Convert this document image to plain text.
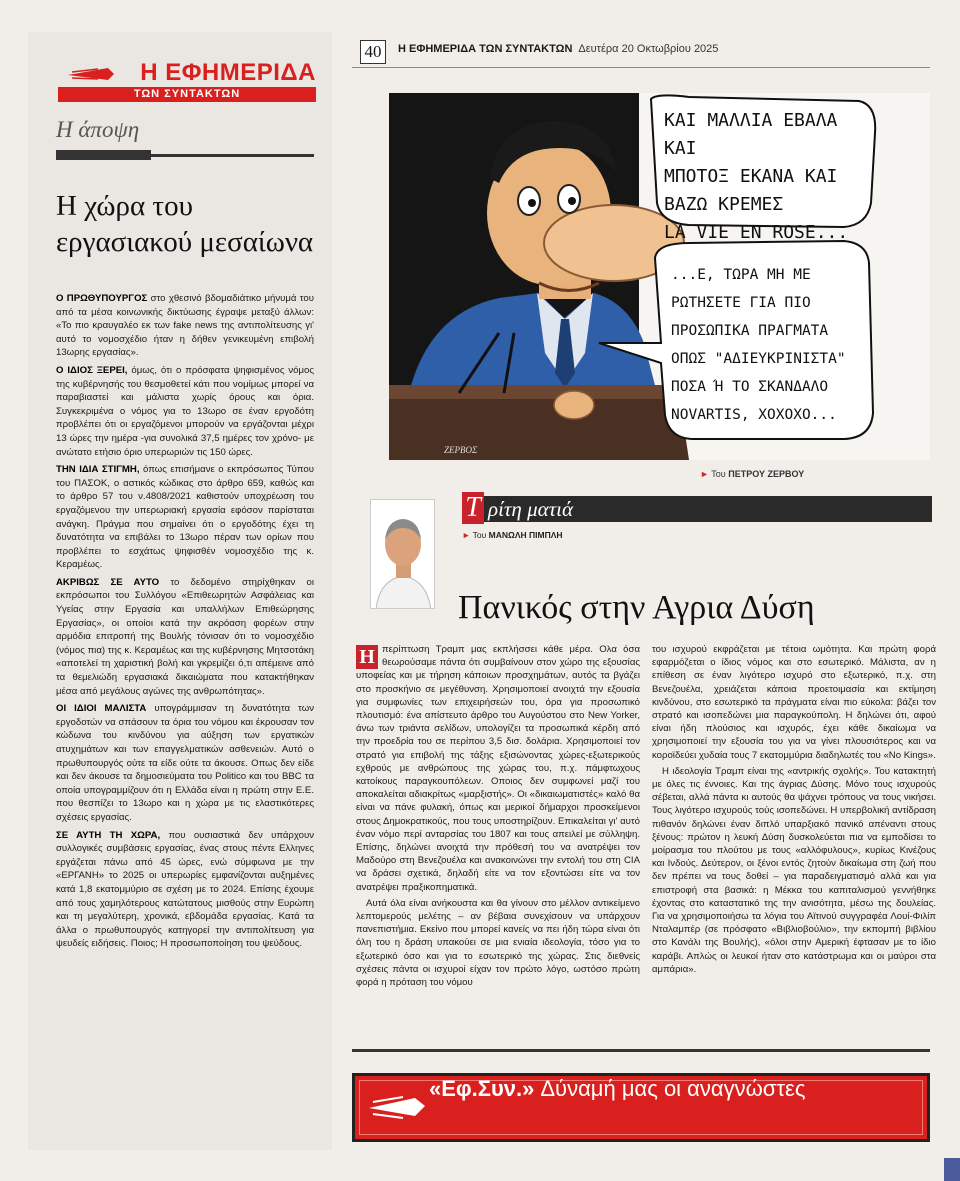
Η ΕΦΗΜΕΡΙΔΑ
ΤΩΝ ΣΥΝΤΑΚΤΩΝ
Η άποψη
Η χώρα του εργασιακού μεσαίωνα

Ο ΠΡΩΘΥΠΟΥΡΓΟΣ στο χθεσινό βδομαδιάτικο μήνυμά του από τα μέσα κοινωνικής δικτύωσης έγραψε μεταξύ άλλων: «Το πιο κραυγαλέο εκ των fake news της αντιπολίτευσης γι' αυτό το νομοσχέδιο ήταν η δήθεν γενικευμένη επιβολή 13ωρης εργασίας».

Ο ΙΔΙΟΣ ΞΕΡΕΙ, όμως, ότι ο πρόσφατα ψηφισμένος νόμος της κυβέρνησής του θεσμοθετεί κάτι που νομίμως μπορεί να παραβιαστεί και μάλιστα χωρίς όρους και όρια. Συγκεκριμένα ο νόμος για το 13ωρο σε έναν εργοδότη προβλέπει ότι οι εργαζόμενοι μπορούν να εργάζονται μέχρι 13 ώρες την ημέρα -για συνολικά 37,5 ημέρες τον χρόνο- με ανώτατο ετήσιο όριο υπερωριών τις 150 ώρες.

ΤΗΝ ΙΔΙΑ ΣΤΙΓΜΗ, όπως επισήμανε ο εκπρόσωπος Τύπου του ΠΑΣΟΚ, ο αστικός κώδικας στο άρθρο 659, καθώς και το άρθρο 57 του ν.4808/2021 καθιστούν υποχρέωση του εργαζόμενου την υπερωριακή εργασία εφόσον παρίσταται ανάγκη. Πράγμα που σημαίνει ότι ο εργοδότης έχει τη δυνατότητα να επιβάλει το 13ωρο πέραν των ορίων που προβλέπει το εσχάτως ψηφισθέν νομοσχέδιο της κ. Κεραμέως.

ΑΚΡΙΒΩΣ ΣΕ ΑΥΤΟ το δεδομένο στηρίχθηκαν οι εκπρόσωποι του Συλλόγου «Επιθεωρητών Ασφάλειας και Υγείας στην Εργασία και υπαλλήλων Επιθεώρησης Εργασίας», οι οποίοι κατά την ακρόαση φορέων στην αρμόδια επιτροπή της Βουλής τόνισαν ότι το νομοσχέδιο (νόμος πια) της κ. Κεραμέως και της κυβέρνησης Μητσοτάκη «αποτελεί τη χαριστική βολή και γκρεμίζει ό,τι απέμεινε από τα θεμελιώδη εργασιακά δικαιώματα που κατακτήθηκαν μέσα από μεγάλους αγώνες της ανθρωπότητας».

ΟΙ ΙΔΙΟΙ ΜΑΛΙΣΤΑ υπογράμμισαν τη δυνατότητα των εργοδοτών να σπάσουν τα όρια του νόμου και έκρουσαν τον κώδωνα του κινδύνου για αύξηση των εργατικών ατυχημάτων και των επαγγελματικών ασθενειών. Αυτό ο πρωθυπουργός ούτε τα είδε ούτε τα άκουσε. Οπως δεν είδε και δεν άκουσε τα δημοσιεύματα του Politico και του BBC τα οποία υπογραμμίζουν ότι η Ελλάδα είναι η πρώτη στην Ε.Ε. που θεσπίζει το 13ωρο και η χώρα με τις ελαστικότερες σχέσεις εργασίας.

ΣΕ ΑΥΤΗ ΤΗ ΧΩΡΑ, που ουσιαστικά δεν υπάρχουν συλλογικές συμβάσεις εργασίας, ένας στους πέντε Ελληνες εργάζεται πάνω από 45 ώρες, ενώ σύμφωνα με την «ΕΡΓΑΝΗ» το 2025 οι υπερωρίες εμφανίζονται αυξημένες κατά 1,8 εκατομμύριο σε σχέση με το 2024. Επίσης έχουμε από τους χαμηλότερους κατώτατους μισθούς στην Ευρώπη και τη μεγαλύτερη, χρονικά, εβδομάδα εργασίας. Κατά τα άλλα ο πρωθυπουργός κατηγορεί την αντιπολίτευση για ψευδείς ειδήσεις. Ποιος; Η προσωποποίηση του ψεύδους.

40	Η ΕΦΗΜΕΡΙΔΑ ΤΩΝ ΣΥΝΤΑΚΤΩΝ Δευτέρα 20 Οκτωβρίου 2025
ΚΑΙ ΜΑΛΛΙΑ ΕΒΑΛΑ ΚΑΙ
ΜΠΟΤΟΞ ΕΚΑΝΑ ΚΑΙ
ΒΑΖΩ ΚΡΕΜΕΣ
LA VIE EN ROSE...
...Ε, ΤΩΡΑ ΜΗ ΜΕ
ΡΩΤΗΣΕΤΕ ΓΙΑ ΠΙΟ
ΠΡΟΣΩΠΙΚΑ ΠΡΑΓΜΑΤΑ
ΟΠΩΣ "ΑΔΙΕΥΚΡΙΝΙΣΤΑ"
ΠΟΣΑ Ή ΤΟ ΣΚΑΝΔΑΛΟ
NOVARTIS, ΧΟΧΟΧΟ...
ΖΕΡΒΟΣ
► Του ΠΕΤΡΟΥ ΖΕΡΒΟΥ
Τ ρίτη ματιά
► Του ΜΑΝΩΛΗ ΠΙΜΠΛΗ
Πανικός στην Αγρια Δύση

Η περίπτωση Τραμπ μας εκπλήσσει κάθε μέρα. Ολα όσα θεωρούσαμε πάντα ότι συμβαίνουν στον χώρο της εξουσίας υποφείας και με τήρηση κάποιων προσχημάτων, αυτός τα βγάζει στο προσκήνιο σε μεγέθυνση. Χρησιμοποιεί ανοιχτά την εξουσία για συμφωνίες των επιχειρήσεών του, όρα για προσωπικό πλουτισμό: ένα απίστευτο άρθρο του Αυγούστου στο New Yorker, άνω των τριάντα σελίδων, υπολογίζει τα προσωπικά κέρδη από την προεδρία του σε περίπου 3,5 δισ. δολάρια. Χρησιμοποιεί τον στρατό για επιβολή της τάξης εξισώνοντας χώρες-εξωτερικούς εχθρούς με ανθρώπους της χώρας του, π.χ. πάμφτωχους κατοίκους παραγκουπόλεων. Οποιος δεν συμφωνεί μαζί του αποκαλείται αδιακρίτως «μαρξιστής». Οι «δικαιωματιστές» καλό θα είναι να πάνε φυλακή, όπως και μερικοί δήμαρχοι προσκείμενοι στους Δημοκρατικούς, που τους υποστηρίζουν. Επικαλείται γι' αυτό έναν νόμο περί ανταρσίας του 1807 και τους απειλεί με σύλληψη. Επίσης, δηλώνει ανοιχτά την πρόθεσή του να ανατρέψει τον Μαδούρο στη Βενεζουέλα και ανακοινώνει την εντολή του στη CIA να δράσει σχετικά, δηλαδή είτε να τον εξοντώσει είτε να τον ανατρέψει πραξικοπηματικά.

Αυτά όλα είναι ανήκουστα και θα γίνουν στο μέλλον αντικείμενο λεπτομερούς μελέτης – αν βέβαια συνεχίσουν να υπάρχουν πανεπιστήμια. Εκείνο που μπορεί κανείς να πει ήδη τώρα είναι ότι όλη του η δράση υπακούει σε μια ενιαία ιδεολογία, τόσο για το εξωτερικό όσο και για το εσωτερικό της χώρας. Στις διεθνείς σχέσεις πάντα οι ισχυροί είχαν τον πρώτο λόγο, ωστόσο πρώτη φορά η πρόταση του νόμου

του ισχυρού εκφράζεται με τέτοια ωμότητα. Και πρώτη φορά εφαρμόζεται ο ίδιος νόμος και στο εσωτερικό. Μάλιστα, αν η επίθεση σε έναν λιγότερο ισχυρό στο εξωτερικό, π.χ. στη Βενεζουέλα, χρειάζεται κάποια προετοιμασία και εκτίμηση κινδύνου, στο εσωτερικό τα πράγματα είναι πιο εύκολα: βάζει τον στρατό και ισοπεδώνει μια παραγκούπολη. Η δηλώνει ότι, αφού είναι ήδη πλούσιος και ισχυρός, έχει κάθε δικαίωμα να χρησιμοποιεί την εξουσία του για να γίνει πλουσιότερος και να κοροϊδεύει χυδαία τους 7 εκατομμύρια διαδηλωτές του «No Kings».

Η ιδεολογία Τραμπ είναι της «αντρικής σχολής». Του κατακτητή με όλες τις έννοιες. Και της άγριας Δύσης. Μόνο τους ισχυρούς σέβεται, αλλά πάντα κι αυτούς θα ψάχνει τρόπους να τους νικήσει. Τους λιγότερο ισχυρούς τούς ισοπεδώνει. Η υπερβολική αντίδραση πιθανόν δηλώνει έναν διπλό υπαρξιακό πανικό απέναντι στους ξένους: πρώτον η λευκή Δύση δυσκολεύεται πια να εμποδίσει το μοίρασμα του πλούτου με τους «αλλόφυλους», κυρίως Κινέζους και Ινδούς. Δεύτερον, οι ξένοι εντός ζητούν δικαίωμα στη ζωή που δεν πρέπει να τους δοθεί – για παραδειγματισμό αλλά και για επιστροφή στα βασικά: η Μέκκα του καπιταλισμού γεννήθηκε έχοντας στο καταστατικό της την ανισότητα, μέσω της δουλείας. Για να χρησιμοποιήσω τα λόγια του Αϊτινού συγγραφέα Λουί-Φιλίπ Νταλαμπέρ (σε πρόσφατο «Βιβλιοβούλιο», την εκπομπή βιβλίου στο Κανάλι της Βουλής), «όλοι στην Αμερική έφτασαν με το ίδιο καράβι. Απλώς οι λευκοί ήταν στο κατάστρωμα και οι μαύροι στα αμπάρια».

«Εφ.Συν.» Δύναμή μας οι αναγνώστες
